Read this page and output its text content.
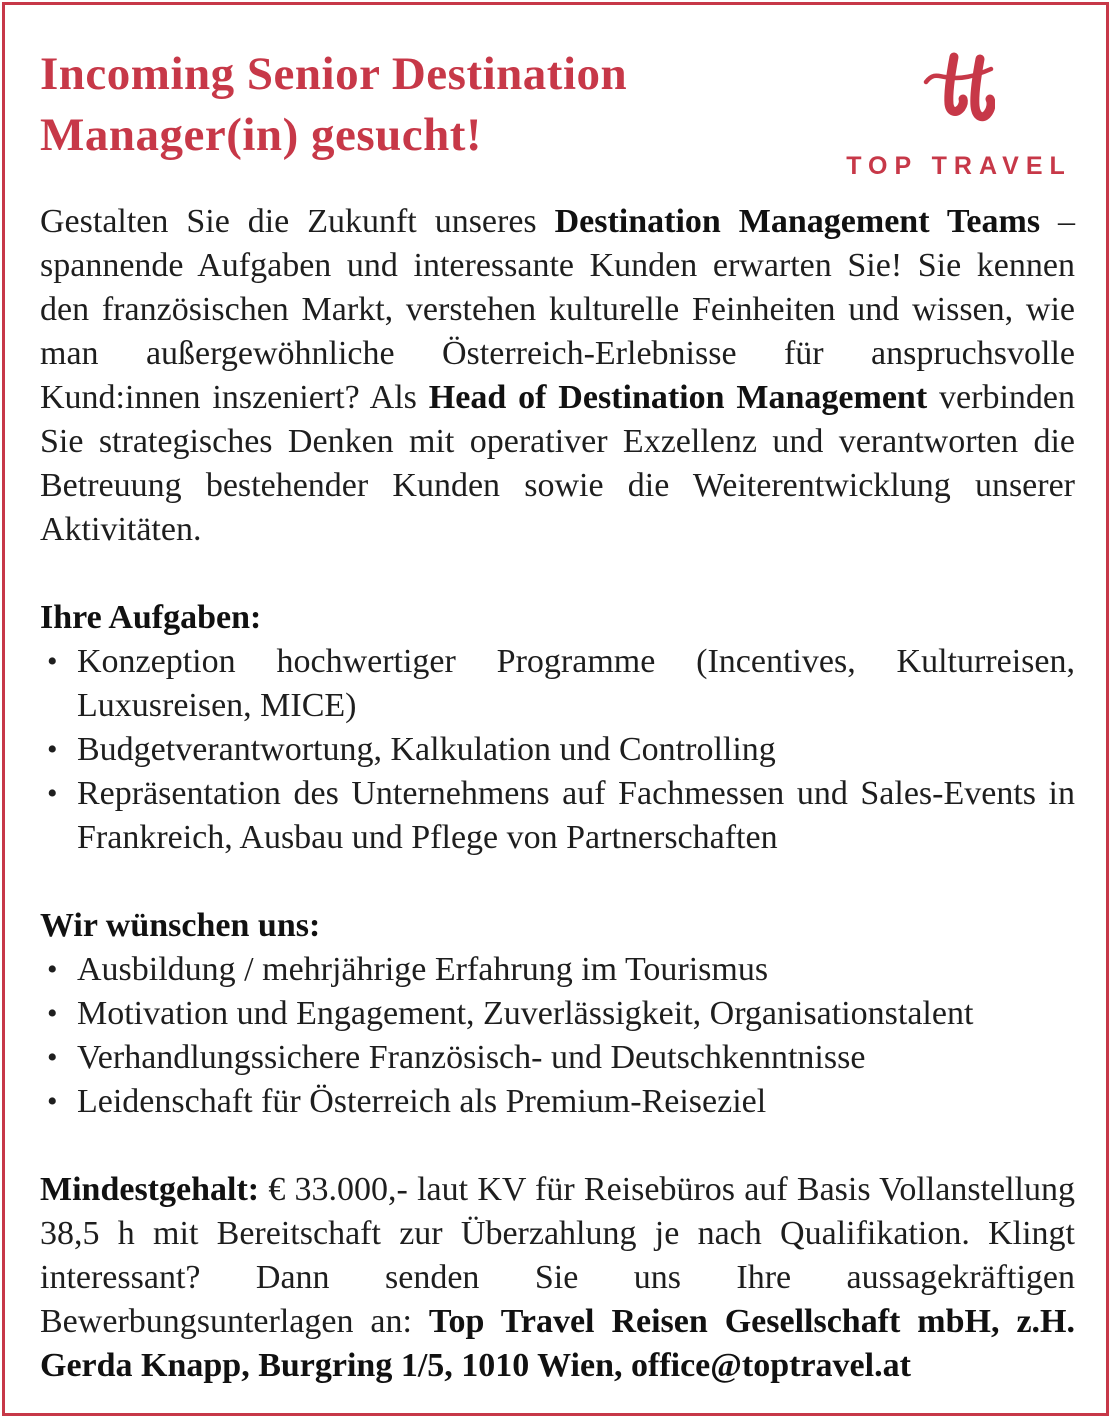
Incoming Senior Destination
Manager(in) gesucht!
TOP TRAVEL

Gestalten Sie die Zukunft unseres Destination Management Teams – spannende Aufgaben und interessante Kunden erwarten Sie! Sie kennen den französischen Markt, verstehen kulturelle Feinheiten und wissen, wie man außergewöhnliche Österreich-Erlebnisse für anspruchsvolle Kund:innen inszeniert? Als Head of Destination Management verbinden Sie strategisches Denken mit operativer Exzellenz und verantworten die Betreuung bestehender Kunden sowie die Weiterentwicklung unserer Aktivitäten.

Ihre Aufgaben:
• Konzeption hochwertiger Programme (Incentives, Kulturreisen, Luxusreisen, MICE)
• Budgetverantwortung, Kalkulation und Controlling
• Repräsentation des Unternehmens auf Fachmessen und Sales-Events in Frankreich, Ausbau und Pflege von Partnerschaften
Wir wünschen uns:
• Ausbildung / mehrjährige Erfahrung im Tourismus
• Motivation und Engagement, Zuverlässigkeit, Organisationstalent
• Verhandlungssichere Französisch- und Deutschkenntnisse
• Leidenschaft für Österreich als Premium-Reiseziel

Mindestgehalt: € 33.000,- laut KV für Reisebüros auf Basis Vollanstellung 38,5 h mit Bereitschaft zur Überzahlung je nach Qualifikation. Klingt interessant? Dann senden Sie uns Ihre aussagekräftigen Bewerbungsunterlagen an: Top Travel Reisen Gesellschaft mbH, z.H. Gerda Knapp, Burgring 1/5, 1010 Wien, office@toptravel.at
